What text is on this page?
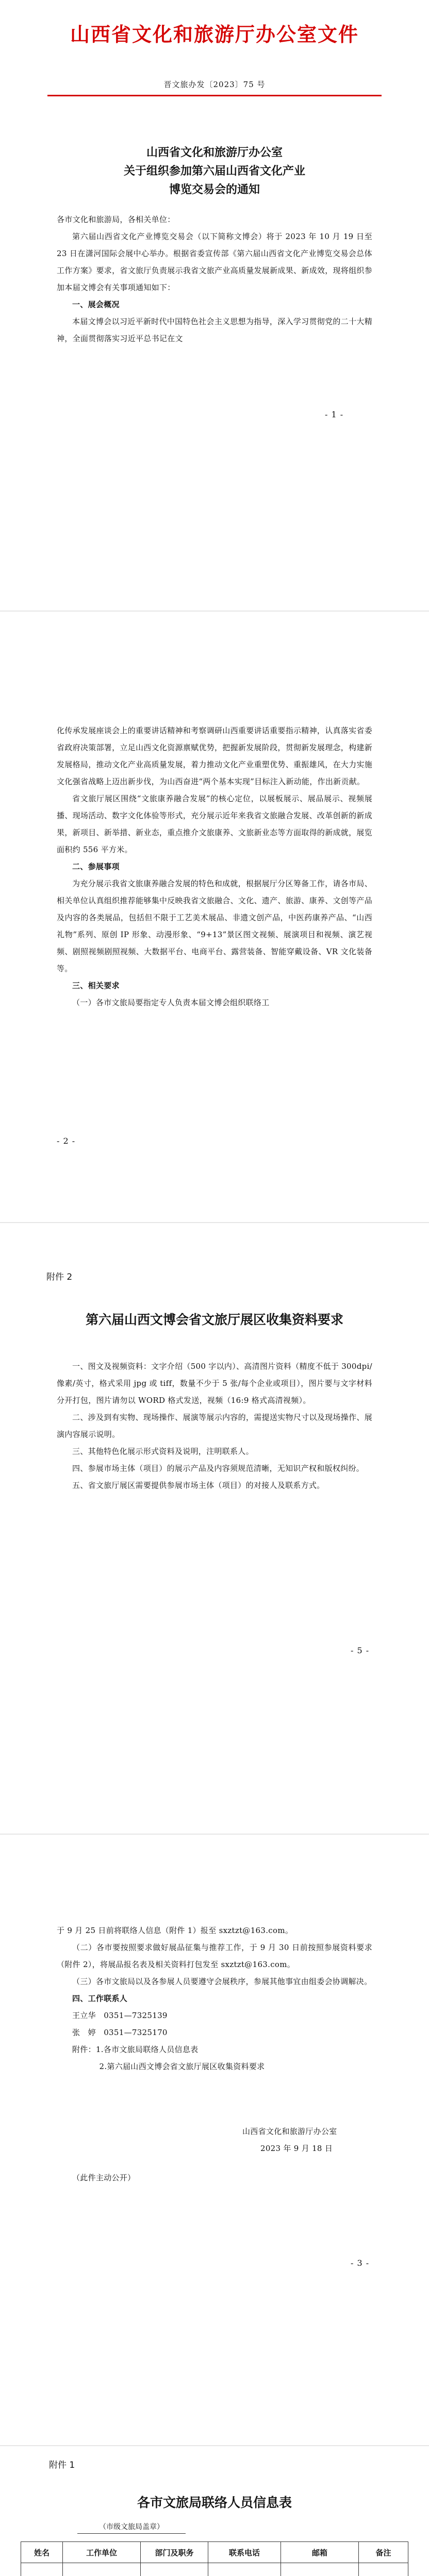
山西省文化和旅游厅办公室文件
晋文旅办发〔2023〕75 号
山西省文化和旅游厅办公室
关于组织参加第六届山西省文化产业
博览交易会的通知

各市文化和旅游局，各相关单位：

第六届山西省文化产业博览交易会（以下简称文博会）将于 2023 年 10 月 19 日至 23 日在潇河国际会展中心举办。根据省委宣传部《第六届山西省文化产业博览交易会总体工作方案》要求，省文旅厅负责展示我省文旅产业高质量发展新成果、新成效，现将组织参加本届文博会有关事项通知如下：

一、展会概况

本届文博会以习近平新时代中国特色社会主义思想为指导，深入学习贯彻党的二十大精神，全面贯彻落实习近平总书记在文

- 1 -

化传承发展座谈会上的重要讲话精神和考察调研山西重要讲话重要指示精神，认真落实省委省政府决策部署，立足山西文化资源禀赋优势，把握新发展阶段，贯彻新发展理念，构建新发展格局，推动文化产业高质量发展，着力推动文化产业重塑优势、重振雄风，在大力实施文化强省战略上迈出新步伐，为山西奋进“两个基本实现”目标注入新动能，作出新贡献。

省文旅厅展区围绕“文旅康养融合发展”的核心定位，以展板展示、展品展示、视频展播、现场活动、数字文化体验等形式，充分展示近年来我省文旅融合发展、改革创新的新成果，新项目、新举措、新业态，重点推介文旅康养、文旅新业态等方面取得的新成就，展览面积约 556 平方米。

二、参展事项

为充分展示我省文旅康养融合发展的特色和成就，根据展厅分区筹备工作，请各市局、相关单位认真组织推荐能够集中反映我省文旅融合、文化、遗产、旅游、康养、文创等产品及内容的各类展品，包括但不限于工艺美术展品、非遗文创产品，中医药康养产品、“山西礼物”系列、原创 IP 形象、动漫形象、“9+13”景区图文视频、展演项目和视频、演艺视频、剧照视频剧照视频、大数据平台、电商平台、露营装备、智能穿戴设备、VR 文化装备等。

三、相关要求

（一）各市文旅局要指定专人负责本届文博会组织联络工

- 2 -
附件 2
第六届山西文博会省文旅厅展区收集资料要求

一、图文及视频资料：文字介绍（500 字以内）、高清图片资料（精度不低于 300dpi/像素/英寸，格式采用 jpg 或 tiff，数量不少于 5 张/每个企业或项目），图片要与文字材料分开打包，图片请勿以 WORD 格式发送，视频（16:9 格式高清视频）。

二、涉及到有实物、现场操作、展演等展示内容的，需提送实物尺寸以及现场操作、展演内容展示说明。

三、其他特色化展示形式资料及说明，注明联系人。

四、参展市场主体（项目）的展示产品及内容须规范清晰，无知识产权和版权纠纷。

五、省文旅厅展区需要提供参展市场主体（项目）的对接人及联系方式。

- 5 -

于 9 月 25 日前将联络人信息（附件 1）报至 sxztzt@163.com。

（二）各市要按照要求做好展品征集与推荐工作，于 9 月 30 日前按照参展资料要求（附件 2），将展品报名表及相关资料打包发至 sxztzt@163.com。

（三）各市文旅局以及各参展人员要遵守会展秩序，参展其他事宜由组委会协调解决。

四、工作联系人

王立华　0351—7325139

张　婷　0351—7325170

附件：1.各市文旅局联络人员信息表

2.第六届山西文博会省文旅厅展区收集资料要求

山西省文化和旅游厅办公室
2023 年 9 月 18 日
（此件主动公开）
- 3 -
附件 1
各市文旅局联络人员信息表
（市级文旅局盖章）
姓名	工作单位	部门及职务	联系电话	邮箱	备注
